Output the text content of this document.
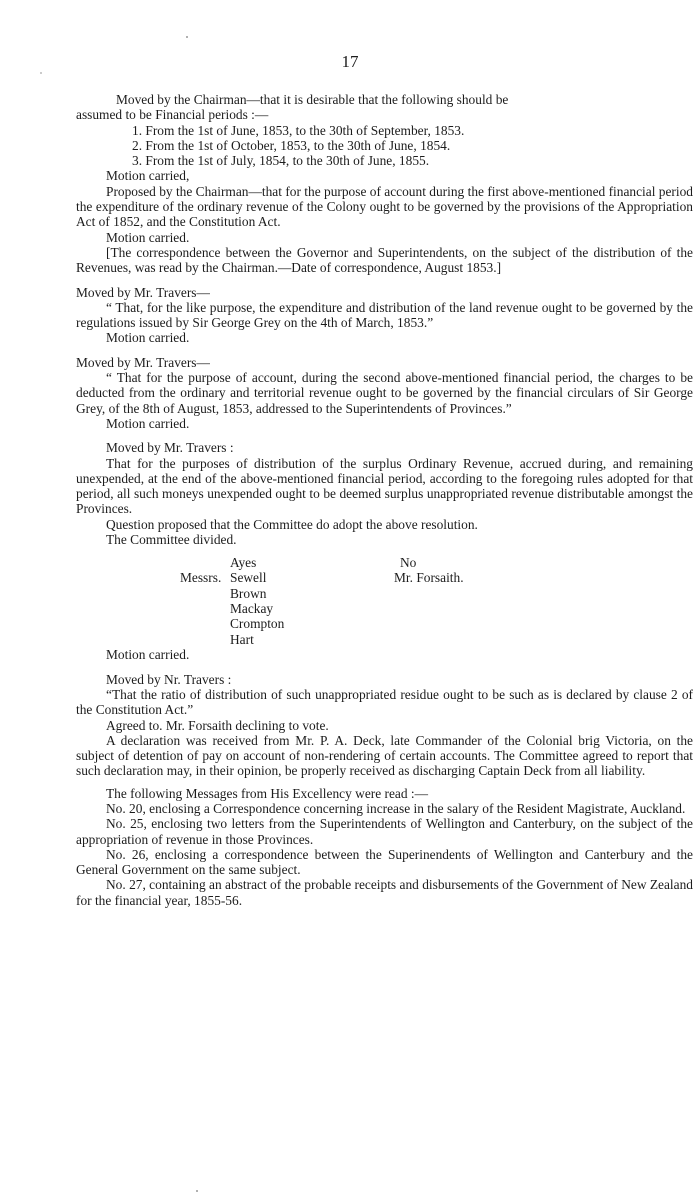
17

Moved by the Chairman—that it is desirable that the following should be

assumed to be Financial periods :—

1. From the 1st of June, 1853, to the 30th of September, 1853.

2. From the 1st of October, 1853, to the 30th of June, 1854.

3. From the 1st of July, 1854, to the 30th of June, 1855.

Motion carried,

Proposed by the Chairman—that for the purpose of account during the first above-mentioned financial period the expenditure of the ordinary revenue of the Colony ought to be governed by the provisions of the Appropriation Act of 1852, and the Constitution Act.

Motion carried.

[The correspondence between the Governor and Superintendents, on the subject of the distribution of the Revenues, was read by the Chairman.—Date of correspondence, August 1853.]

Moved by Mr. Travers—

“ That, for the like purpose, the expenditure and distribution of the land revenue ought to be governed by the regulations issued by Sir George Grey on the 4th of March, 1853.”

Motion carried.

Moved by Mr. Travers—

“ That for the purpose of account, during the second above-mentioned financial period, the charges to be deducted from the ordinary and territorial revenue ought to be governed by the financial circulars of Sir George Grey, of the 8th of August, 1853, addressed to the Superintendents of Provinces.”

Motion carried.

Moved by Mr. Travers :

That for the purposes of distribution of the surplus Ordinary Revenue, accrued during, and remaining unexpended, at the end of the above-mentioned financial period, according to the foregoing rules adopted for that period, all such moneys unexpended ought to be deemed surplus unappropriated revenue distributable amongst the Provinces.

Question proposed that the Committee do adopt the above resolution.

The Committee divided.

Ayes	No
Messrs. Sewell
Brown
Mackay
Crompton
Hart
Mr. Forsaith.

Motion carried.

Moved by Nr. Travers :

“That the ratio of distribution of such unappropriated residue ought to be such as is declared by clause 2 of the Constitution Act.”

Agreed to. Mr. Forsaith declining to vote.

A declaration was received from Mr. P. A. Deck, late Commander of the Colonial brig Victoria, on the subject of detention of pay on account of non-rendering of certain accounts. The Committee agreed to report that such declaration may, in their opinion, be properly received as discharging Captain Deck from all liability.

The following Messages from His Excellency were read :—

No. 20, enclosing a Correspondence concerning increase in the salary of the Resident Magistrate, Auckland.

No. 25, enclosing two letters from the Superintendents of Wellington and Canterbury, on the subject of the appropriation of revenue in those Provinces.

No. 26, enclosing a correspondence between the Superinendents of Wellington and Canterbury and the General Government on the same subject.

No. 27, containing an abstract of the probable receipts and disbursements of the Government of New Zealand for the financial year, 1855-56.
